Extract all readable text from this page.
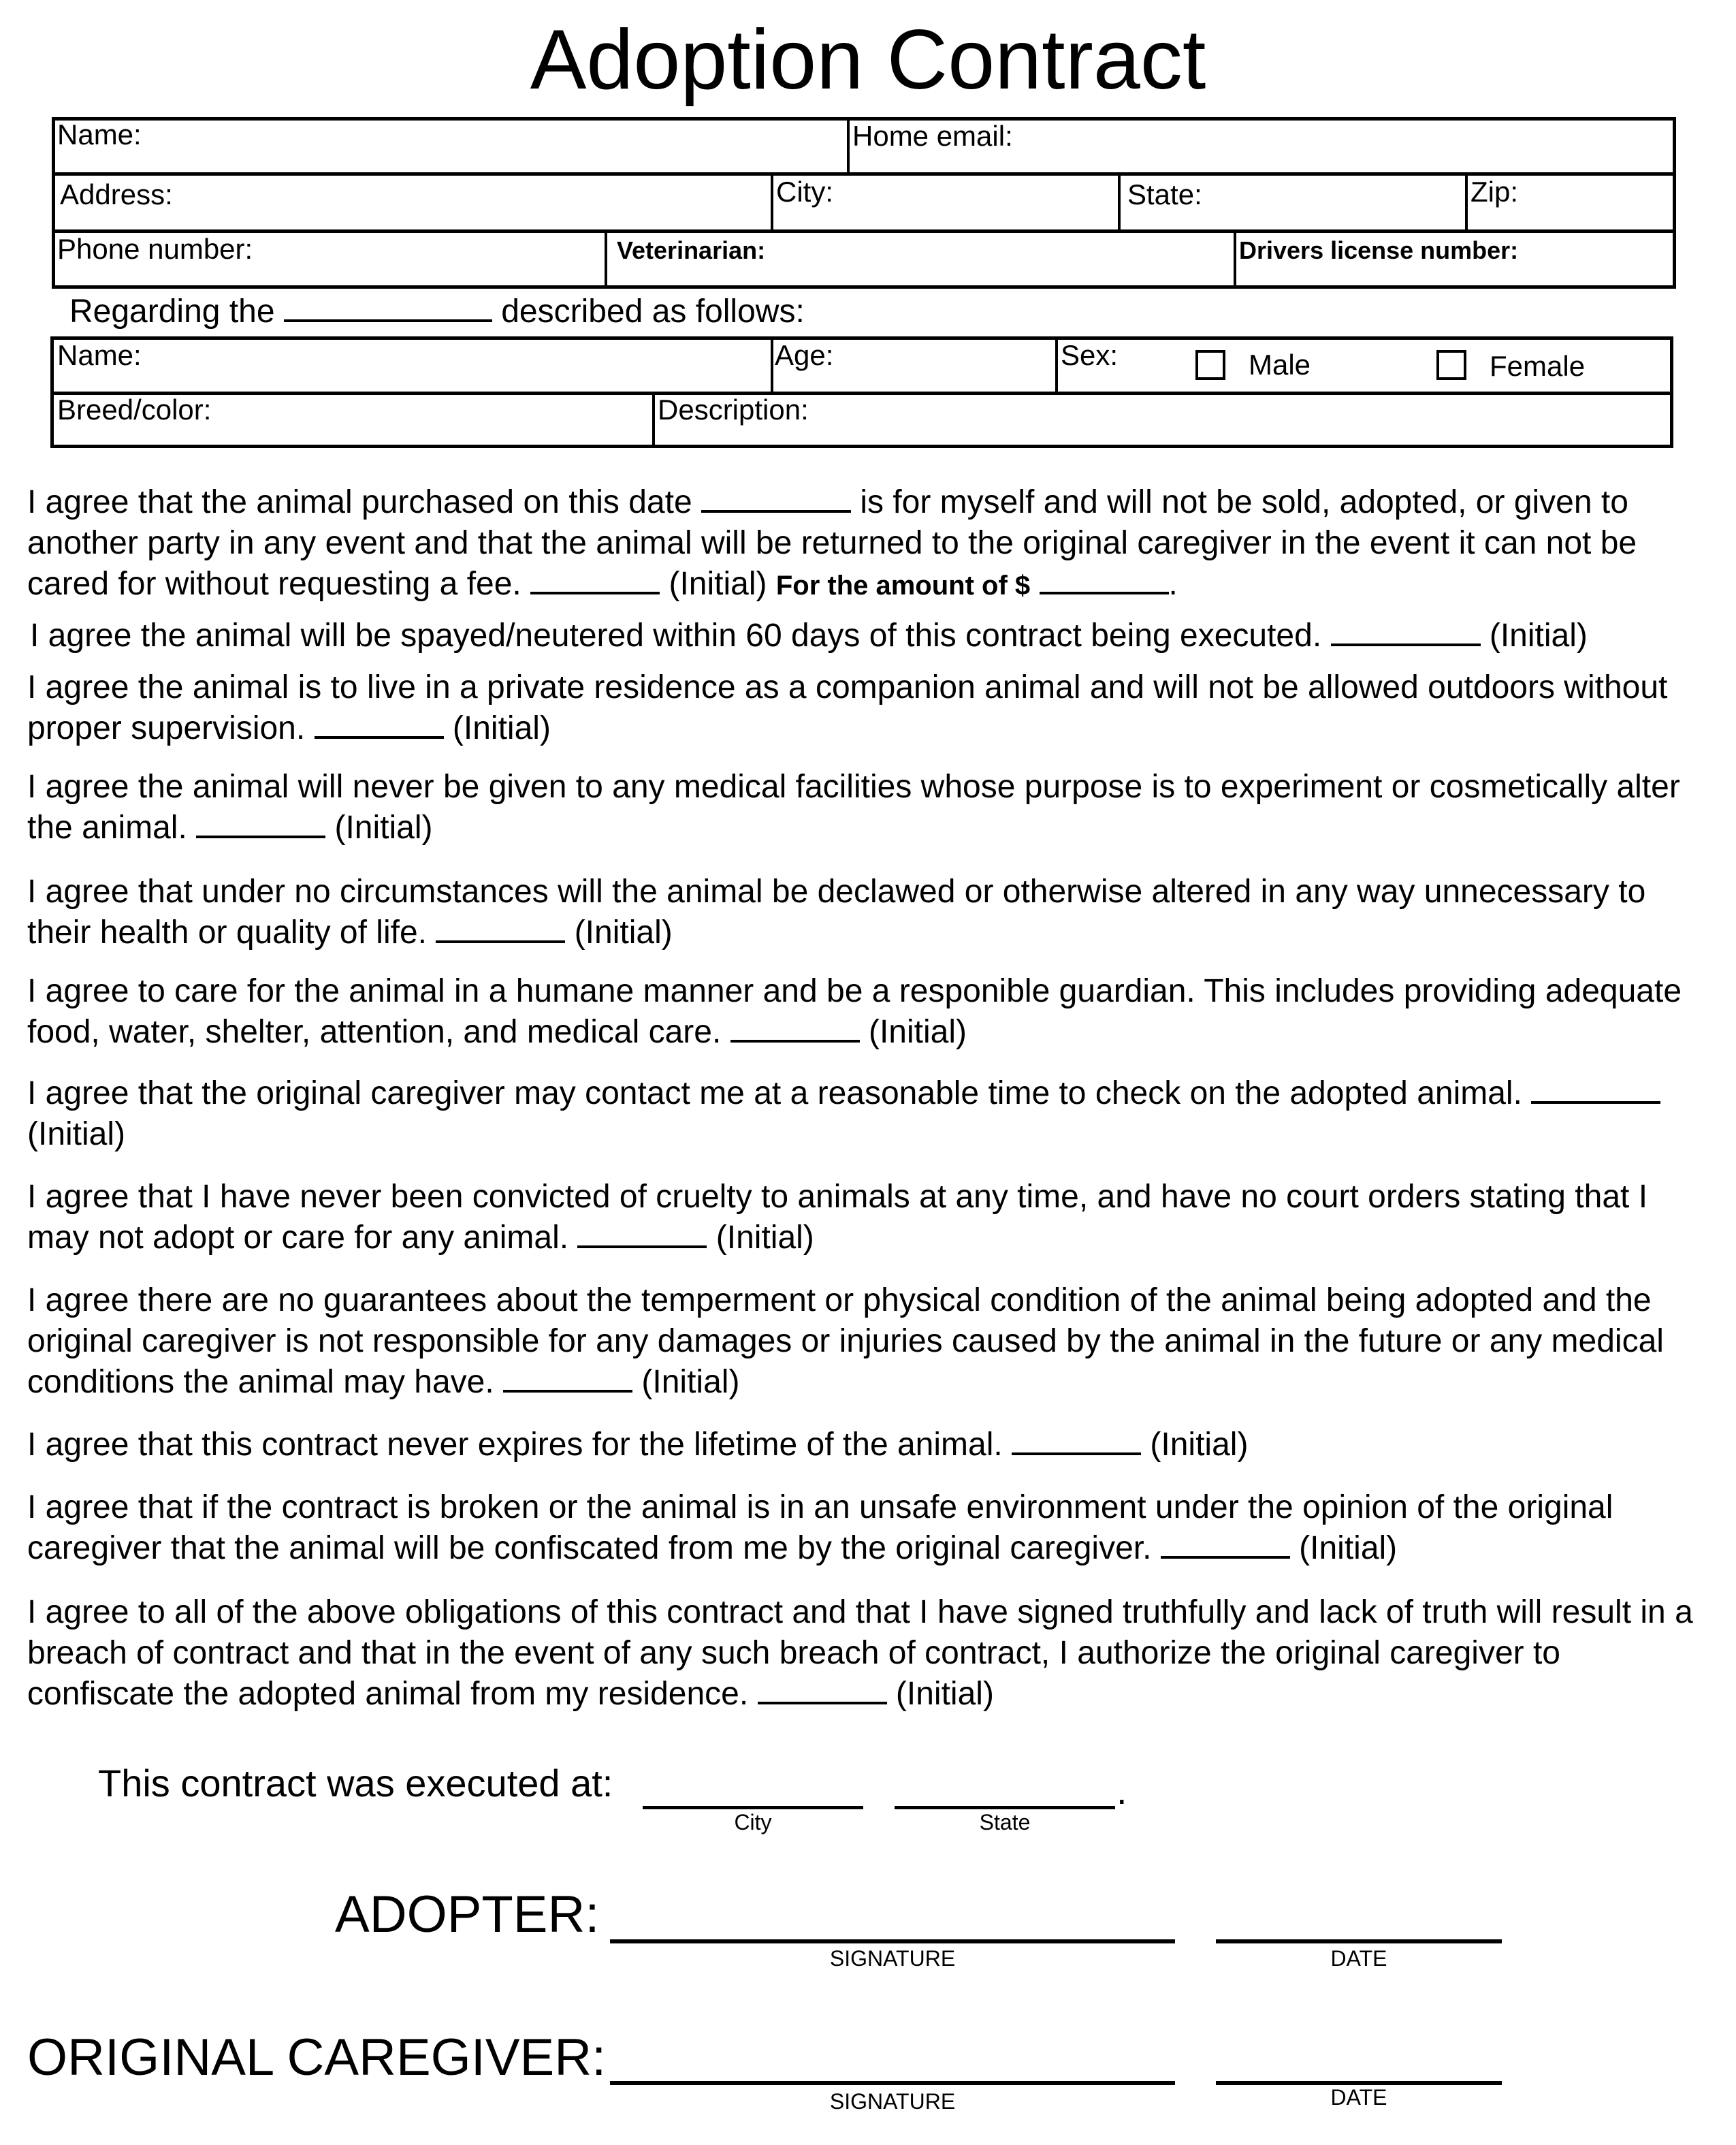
Adoption Contract
Name:	Home email:
Address:	City:	State:	Zip:
Phone number:	Veterinarian:	Drivers license number:
Regarding the	described as follows:
Name:	Age:	Sex:	Male	Female
Breed/color:	Description:
I agree that the animal purchased on this date	is for myself and will not be sold, adopted, or given to another party in any event and that the animal will be returned to the original caregiver in the event it can not be cared for without requesting a fee.	(Initial) For the amount of $	.
I agree the animal will be spayed/neutered within 60 days of this contract being executed.	(Initial)
I agree the animal is to live in a private residence as a companion animal and will not be allowed outdoors without proper supervision.	(Initial)
I agree the animal will never be given to any medical facilities whose purpose is to experiment or cosmetically alter the animal.	(Initial)
I agree that under no circumstances will the animal be declawed or otherwise altered in any way unnecessary to their health or quality of life.	(Initial)
I agree to care for the animal in a humane manner and be a responible guardian. This includes providing adequate food, water, shelter, attention, and medical care.	(Initial)
I agree that the original caregiver may contact me at a reasonable time to check on the adopted animal.  (Initial)
I agree that I have never been convicted of cruelty to animals at any time, and have no court orders stating that I may not adopt or care for any animal.	(Initial)
I agree there are no guarantees about the temperment or physical condition of the animal being adopted and the original caregiver is not responsible for any damages or injuries caused by the animal in the future or any medical conditions the animal may have.	(Initial)
I agree that this contract never expires for the lifetime of the animal.	(Initial)
I agree that if the contract is broken or the animal is in an unsafe environment under the opinion of the original caregiver that the animal will be confiscated from me by the original caregiver.	(Initial)
I agree to all of the above obligations of this contract and that I have signed truthfully and lack of truth will result in a breach of contract and that in the event of any such breach of contract, I authorize the original caregiver to confiscate the adopted animal from my residence.	(Initial)
This contract was executed at:	.
City	State
ADOPTER:
SIGNATURE	DATE
ORIGINAL CAREGIVER:
SIGNATURE	DATE
